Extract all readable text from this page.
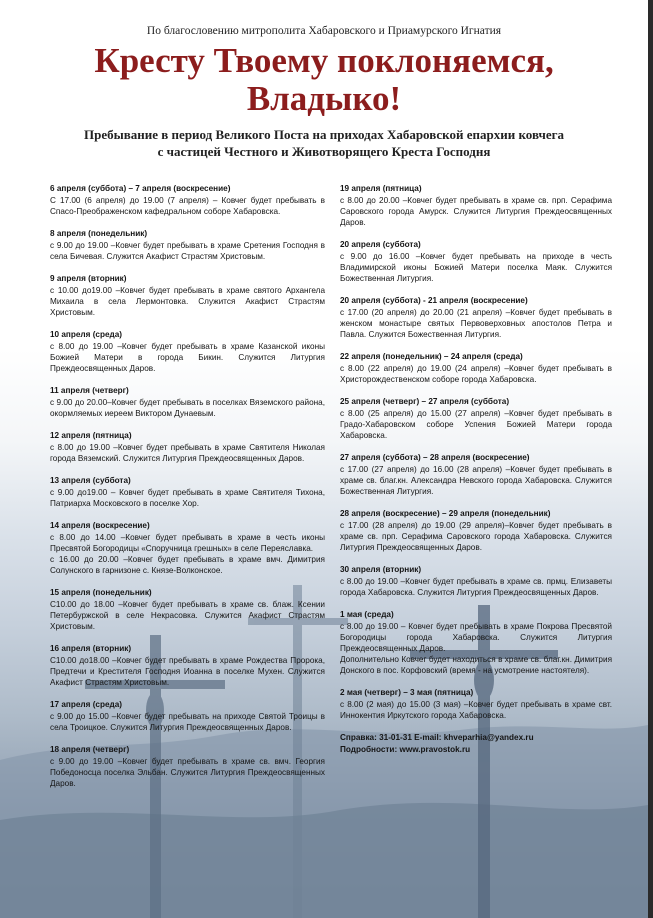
По благословению митрополита Хабаровского и Приамурского Игнатия
Кресту Твоему поклоняемся,
Владыко!
Пребывание в период Великого Поста на приходах Хабаровской епархии ковчега
с частицей Честного и Животворящего Креста Господня
6 апреля (суббота) – 7 апреля (воскресение)
С 17.00 (6 апреля) до 19.00 (7 апреля) – Ковчег будет пребывать в Спасо-Преображенском кафедральном соборе Хабаровска.
8 апреля (понедельник)
с 9.00 до 19.00 –Ковчег будет пребывать в храме Сретения Господня в села Бичевая. Служится Акафист Страстям Христовым.
9 апреля (вторник)
с 10.00 до19.00 –Ковчег будет пребывать в храме святого Архангела Михаила в села Лермонтовка. Служится Акафист Страстям Христовым.
10 апреля (среда)
с 8.00 до 19.00 –Ковчег будет пребывать в храме Казанской иконы Божией Матери в города Бикин. Служится Литургия Преждеосвященных Даров.
11 апреля (четверг)
с 9.00 до 20.00–Ковчег будет пребывать в поселках Вяземского района, окормляемых иереем Виктором Дунаевым.
12 апреля (пятница)
с 8.00 до 19.00 –Ковчег будет пребывать в храме Святителя Николая города Вяземский. Служится Литургия Преждеосвященных Даров.
13 апреля (суббота)
с 9.00 до19.00 – Ковчег будет пребывать в храме Святителя Тихона, Патриарха Московского в поселке Хор.
14 апреля (воскресение)
с 8.00 до 14.00 –Ковчег будет пребывать в храме в честь иконы Пресвятой Богородицы «Споручница грешных» в селе Переяславка.
с 16.00 до 20.00 –Ковчег будет пребывать в храме вмч. Димитрия Солунского в гарнизоне с. Князе-Волконское.
15 апреля (понедельник)
С10.00 до 18.00 –Ковчег будет пребывать в храме св. блаж. Ксении Петербуржской в селе Некрасовка. Служится Акафист Страстям Христовым.
16 апреля (вторник)
С10.00 до18.00 –Ковчег будет пребывать в храме Рождества Пророка, Предтечи и Крестителя Господня Иоанна в поселке Мухен. Служится Акафист Страстям Христовым.
17 апреля (среда)
с 9.00 до 15.00 –Ковчег будет пребывать на приходе Святой Троицы в села Троицкое. Служится Литургия Преждеосвященных Даров.
18 апреля (четверг)
с 9.00 до 19.00 –Ковчег будет пребывать в храме св. вмч. Георгия Победоносца поселка Эльбан. Служится Литургия Преждеосвященных Даров.
19 апреля (пятница)
с 8.00 до 20.00 –Ковчег будет пребывать в храме св. прп. Серафима Саровского города Амурск. Служится Литургия Преждеосвященных Даров.
20 апреля (суббота)
с 9.00 до 16.00 –Ковчег будет пребывать на приходе в честь Владимирской иконы Божией Матери поселка Маяк. Служится Божественная Литургия.
20 апреля (суббота) - 21 апреля (воскресение)
с 17.00 (20 апреля) до 20.00 (21 апреля) –Ковчег будет пребывать в женском монастыре святых Первоверховных апостолов Петра и Павла. Служится Божественная Литургия.
22 апреля (понедельник) – 24 апреля (среда)
с 8.00 (22 апреля) до 19.00 (24 апреля) –Ковчег будет пребывать в Христорождественском соборе города Хабаровска.
25 апреля (четверг) – 27 апреля (суббота)
с 8.00 (25 апреля) до 15.00 (27 апреля) –Ковчег будет пребывать в Градо-Хабаровском соборе Успения Божией Матери города Хабаровска.
27 апреля (суббота) – 28 апреля (воскресение)
с 17.00 (27 апреля) до 16.00 (28 апреля) –Ковчег будет пребывать в храме св. благ.кн. Александра Невского города Хабаровска. Служится Божественная Литургия.
28 апреля (воскресение) – 29 апреля (понедельник)
с 17.00 (28 апреля) до 19.00 (29 апреля)–Ковчег будет пребывать в храме св. прп. Серафима Саровского города Хабаровска. Служится Литургия Преждеосвященных Даров.
30 апреля (вторник)
с 8.00 до 19.00 –Ковчег будет пребывать в храме св. прмц. Елизаветы города Хабаровска. Служится Литургия Преждеосвященных Даров.
1 мая (среда)
с 8.00 до 19.00 – Ковчег будет пребывать в храме Покрова Пресвятой Богородицы города Хабаровска. Служится Литургия Преждеосвященных Даров.
Дополнительно Ковчег будет находиться в храме св. благ.кн. Димитрия Донского в пос. Корфовский (время - на усмотрение настоятеля).
2 мая (четверг) – 3 мая (пятница)
с 8.00 (2 мая) до 15.00 (3 мая) –Ковчег будет пребывать в храме свт. Иннокентия Иркутского города Хабаровска.
Справка: 31-01-31 E-mail: khveparhia@yandex.ru
Подробности: www.pravostok.ru
